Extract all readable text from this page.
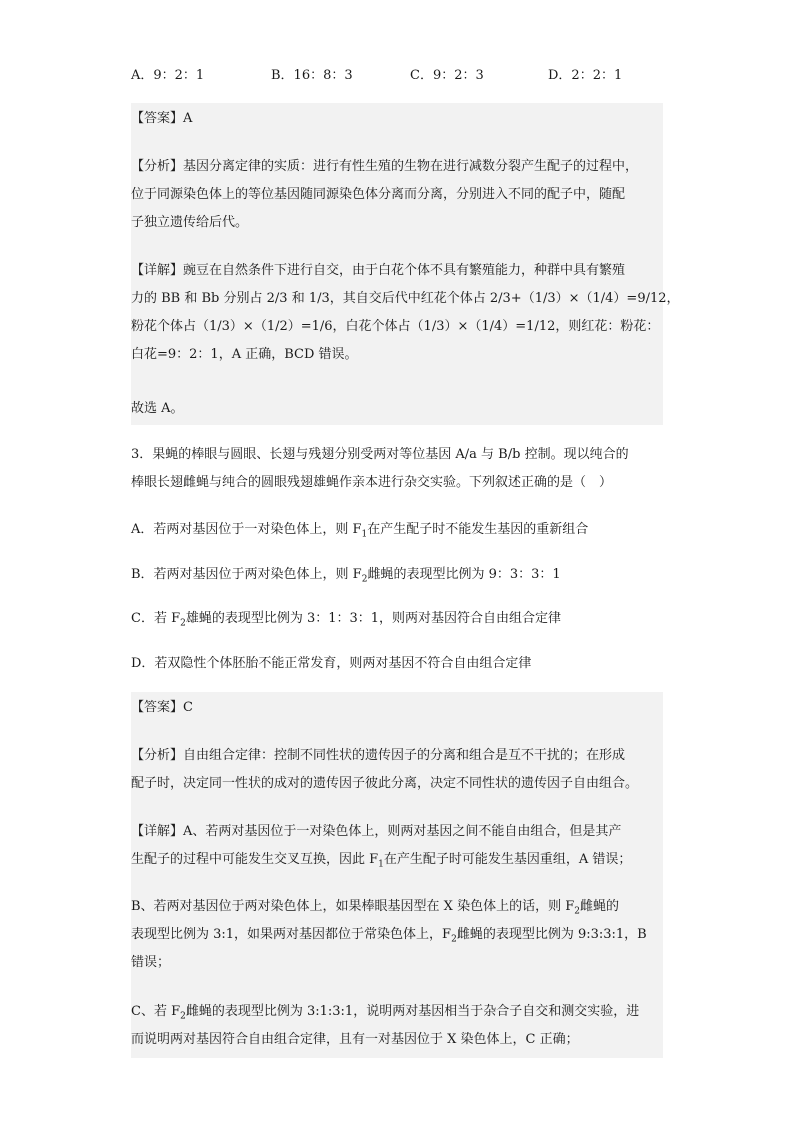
A．9：2：1	B．16：8：3	C．9：2：3	D．2：2：1
【答案】A
【分析】基因分离定律的实质：进行有性生殖的生物在进行减数分裂产生配子的过程中，
位于同源染色体上的等位基因随同源染色体分离而分离，分别进入不同的配子中，随配
子独立遗传给后代。
【详解】豌豆在自然条件下进行自交，由于白花个体不具有繁殖能力，种群中具有繁殖
力的 BB 和 Bb 分别占 2/3 和 1/3，其自交后代中红花个体占 2/3+（1/3）×（1/4）=9/12，
粉花个体占（1/3）×（1/2）=1/6，白花个体占（1/3）×（1/4）=1/12，则红花：粉花：
白花=9：2：1，A 正确，BCD 错误。
故选 A。
3．果蝇的棒眼与圆眼、长翅与残翅分别受两对等位基因 A/a 与 B/b 控制。现以纯合的
棒眼长翅雌蝇与纯合的圆眼残翅雄蝇作亲本进行杂交实验。下列叙述正确的是（　）
A．若两对基因位于一对染色体上，则 $F_1$在产生配子时不能发生基因的重新组合
B．若两对基因位于两对染色体上，则 $F_2$雌蝇的表现型比例为 9：3：3：1
C．若 $F_2$雄蝇的表现型比例为 3：1：3：1，则两对基因符合自由组合定律
D．若双隐性个体胚胎不能正常发育，则两对基因不符合自由组合定律
【答案】C
【分析】自由组合定律：控制不同性状的遗传因子的分离和组合是互不干扰的；在形成
配子时，决定同一性状的成对的遗传因子彼此分离，决定不同性状的遗传因子自由组合。
【详解】A、若两对基因位于一对染色体上，则两对基因之间不能自由组合，但是其产
生配子的过程中可能发生交叉互换，因此 $F_1$在产生配子时可能发生基因重组，A 错误；
B、若两对基因位于两对染色体上，如果棒眼基因型在 X 染色体上的话，则 $F_2$雌蝇的
表现型比例为 3:1，如果两对基因都位于常染色体上，$F_2$雌蝇的表现型比例为 9:3:3:1，B
错误；
C、若 $F_2$雌蝇的表现型比例为 3:1:3:1，说明两对基因相当于杂合子自交和测交实验，进
而说明两对基因符合自由组合定律，且有一对基因位于 X 染色体上，C 正确；
